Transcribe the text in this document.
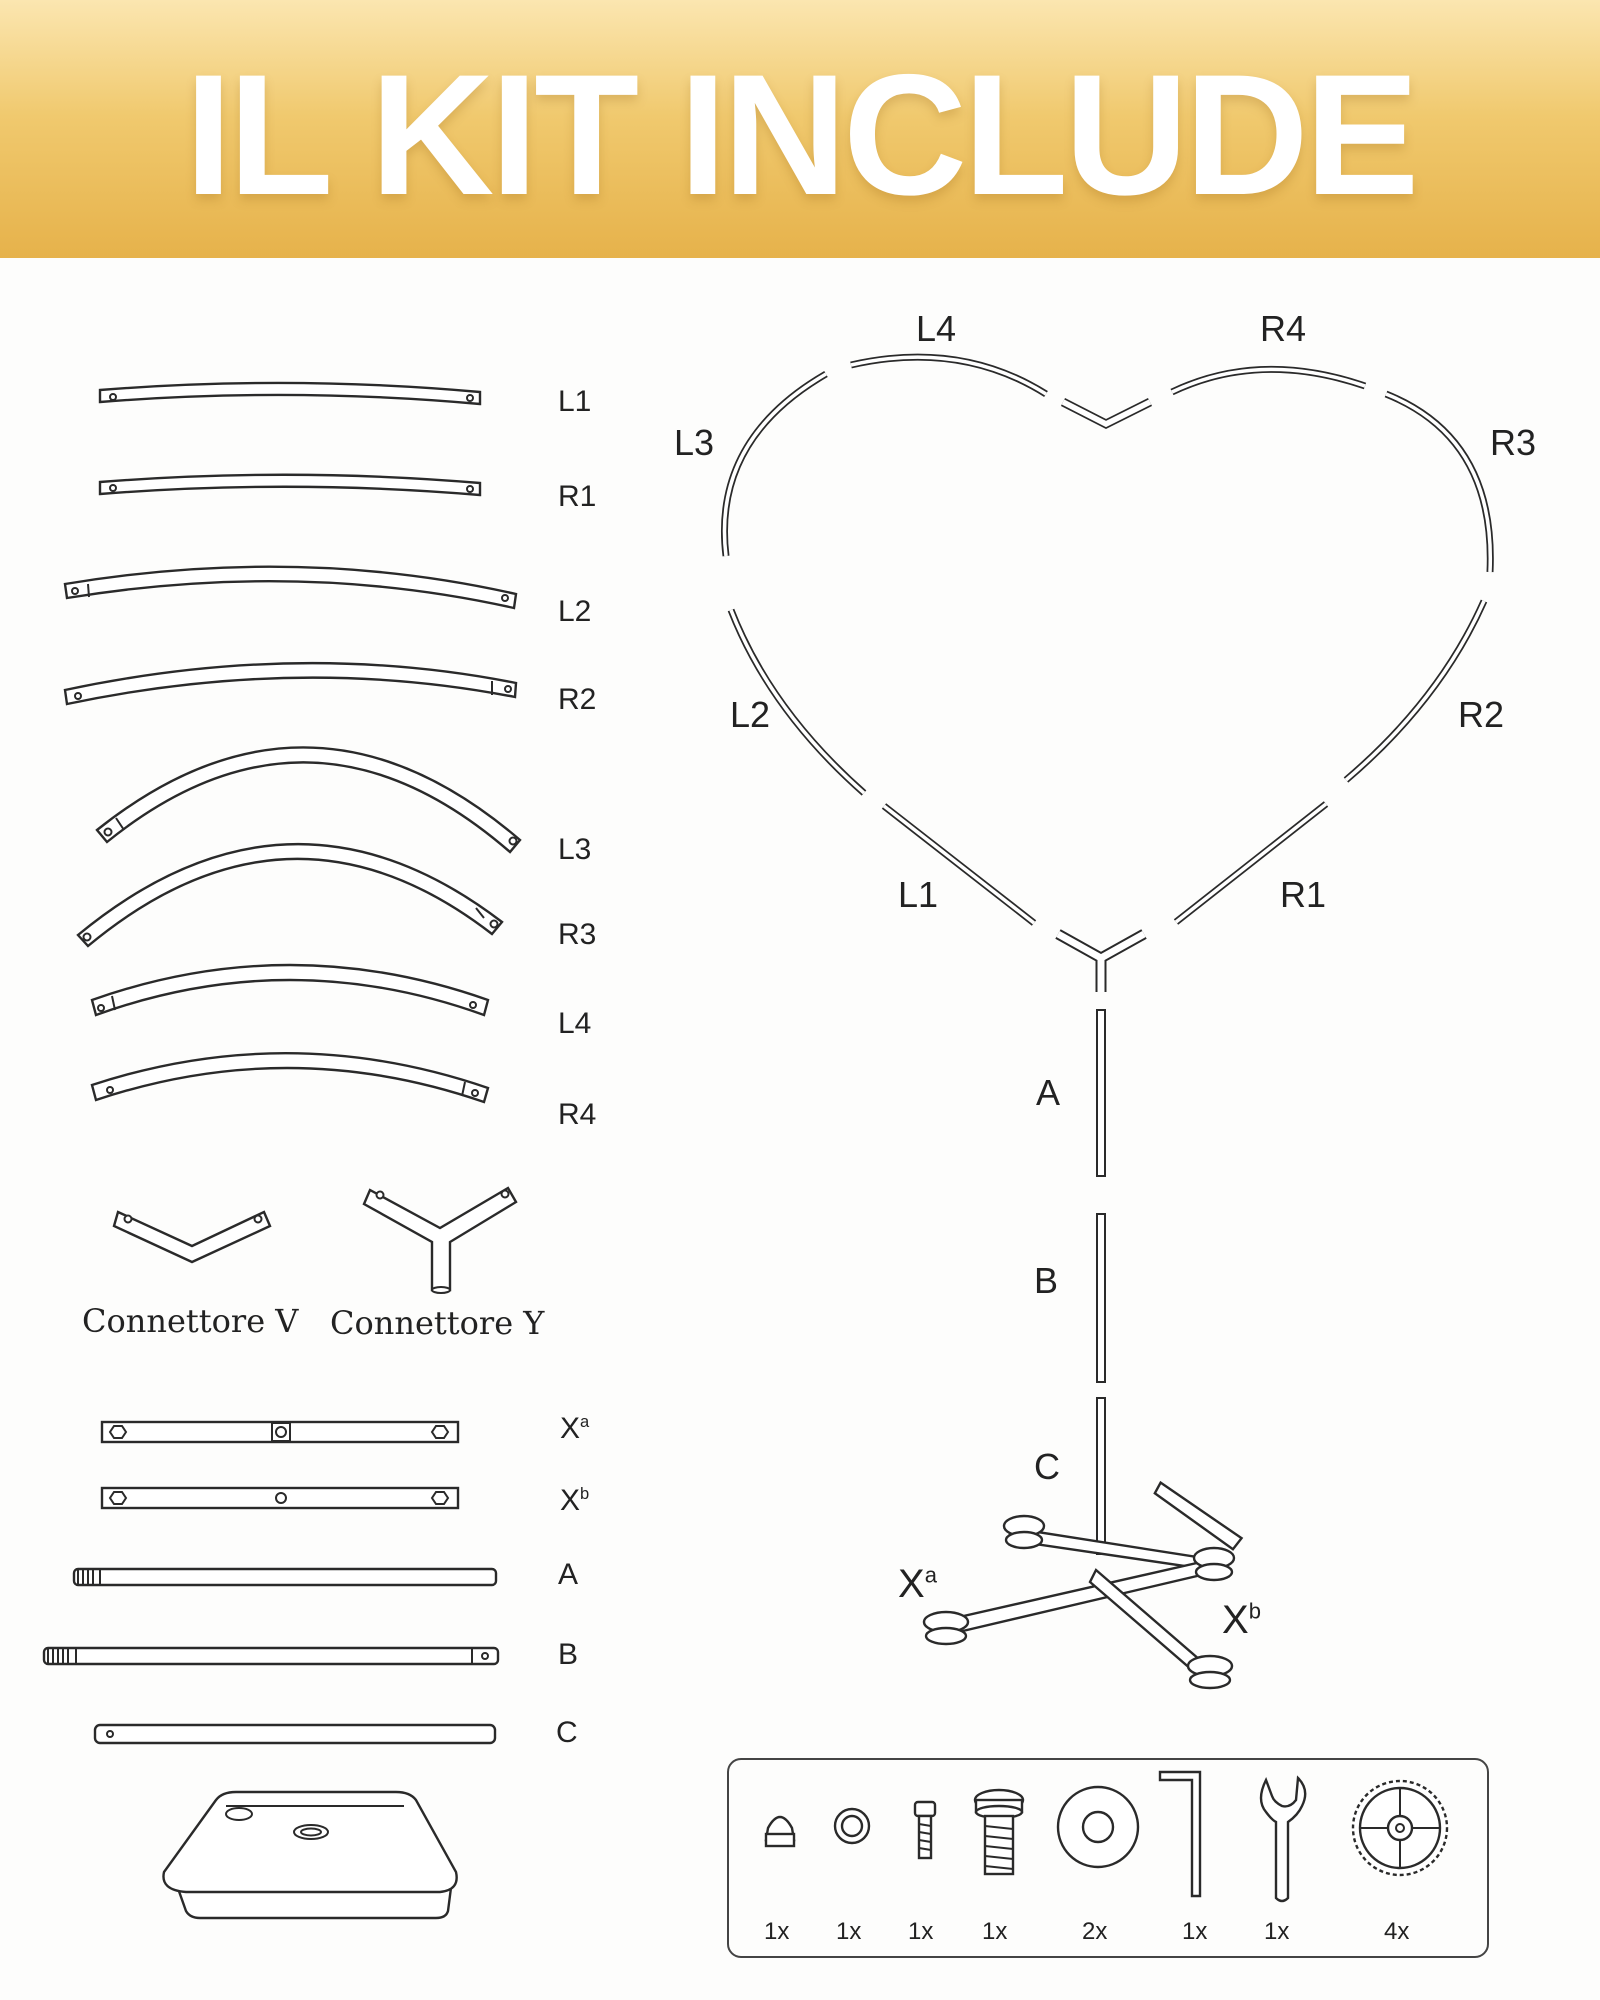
IL KIT INCLUDE
L1
R1
L2
R2
L3
R3
L4
R4
Connettore V Connettore Y
$X^a$
$X^b$
A
B
C
L4	R4
L3	R3
L2	R2
L1	R1
A
B
C
$X^a$
$X^b$
1x 1x 1x 1x	2x	1x 1x	4x
